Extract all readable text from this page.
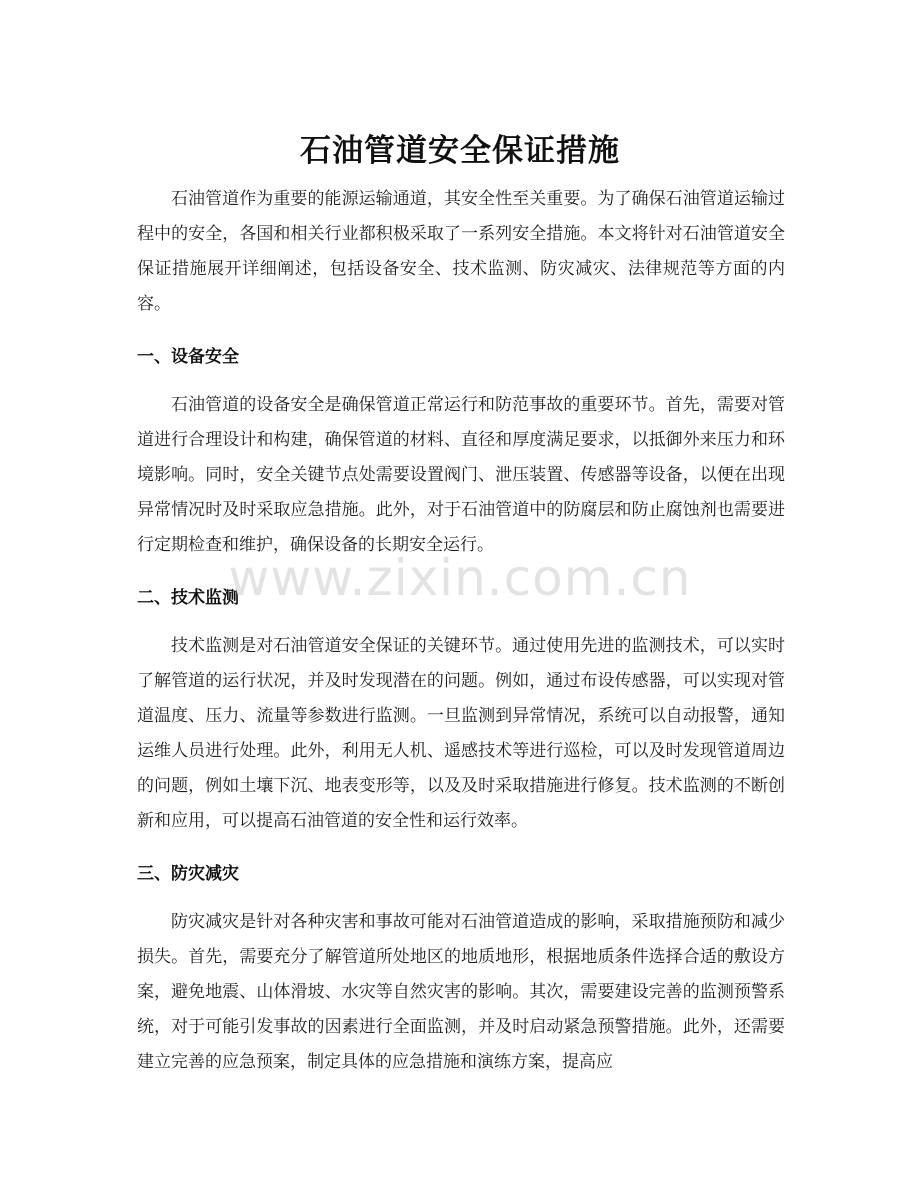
石油管道安全保证措施

石油管道作为重要的能源运输通道，其安全性至关重要。为了确保石油管道运输过程中的安全，各国和相关行业都积极采取了一系列安全措施。本文将针对石油管道安全保证措施展开详细阐述，包括设备安全、技术监测、防灾减灾、法律规范等方面的内容。

一、设备安全

石油管道的设备安全是确保管道正常运行和防范事故的重要环节。首先，需要对管道进行合理设计和构建，确保管道的材料、直径和厚度满足要求，以抵御外来压力和环境影响。同时，安全关键节点处需要设置阀门、泄压装置、传感器等设备，以便在出现异常情况时及时采取应急措施。此外，对于石油管道中的防腐层和防止腐蚀剂也需要进行定期检查和维护，确保设备的长期安全运行。

二、技术监测

技术监测是对石油管道安全保证的关键环节。通过使用先进的监测技术，可以实时了解管道的运行状况，并及时发现潜在的问题。例如，通过布设传感器，可以实现对管道温度、压力、流量等参数进行监测。一旦监测到异常情况，系统可以自动报警，通知运维人员进行处理。此外，利用无人机、遥感技术等进行巡检，可以及时发现管道周边的问题，例如土壤下沉、地表变形等，以及及时采取措施进行修复。技术监测的不断创新和应用，可以提高石油管道的安全性和运行效率。

三、防灾减灾

防灾减灾是针对各种灾害和事故可能对石油管道造成的影响，采取措施预防和减少损失。首先，需要充分了解管道所处地区的地质地形，根据地质条件选择合适的敷设方案，避免地震、山体滑坡、水灾等自然灾害的影响。其次，需要建设完善的监测预警系统，对于可能引发事故的因素进行全面监测，并及时启动紧急预警措施。此外，还需要建立完善的应急预案，制定具体的应急措施和演练方案，提高应

www.zixin.com.cn
